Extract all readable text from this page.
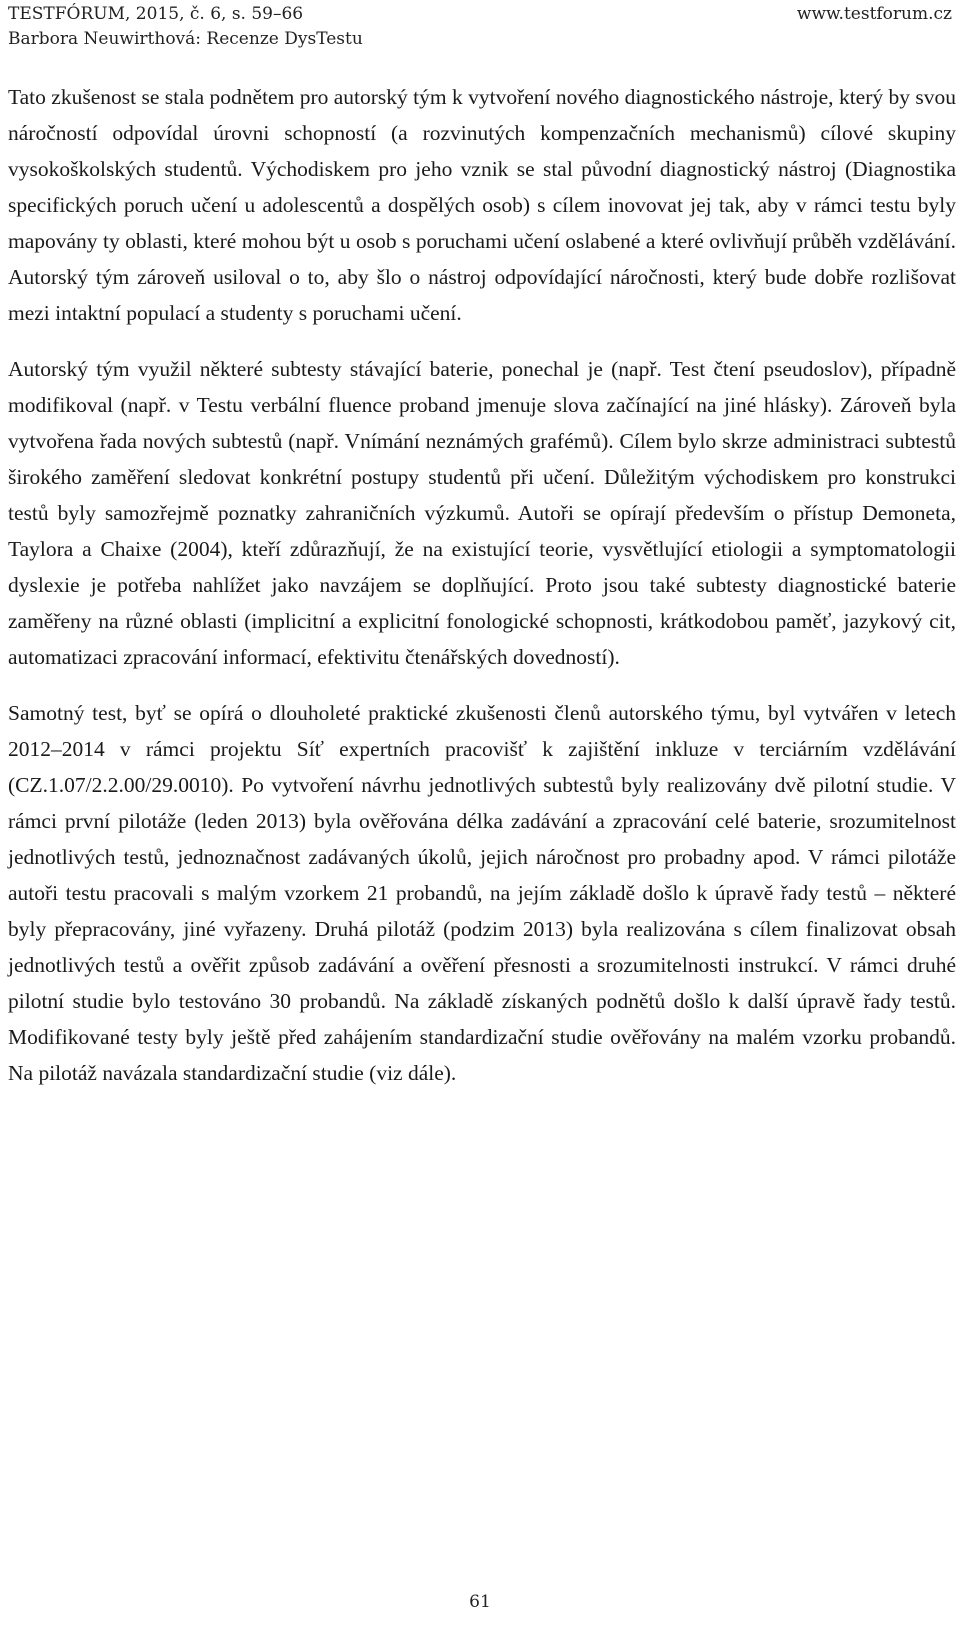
TESTFÓRUM, 2015, č. 6, s. 59–66	www.testforum.cz
Barbora Neuwirthová: Recenze DysTestu

Tato zkušenost se stala podnětem pro autorský tým k vytvoření nového diagnostického nástroje, který by svou náročností odpovídal úrovni schopností (a rozvinutých kompenzačních mechanismů) cílové skupiny vysokoškolských studentů. Východiskem pro jeho vznik se stal původní diagnostický nástroj (Diagnostika specifických poruch učení u adolescentů a dospělých osob) s cílem inovovat jej tak, aby v rámci testu byly mapovány ty oblasti, které mohou být u osob s poruchami učení oslabené a které ovlivňují průběh vzdělávání. Autorský tým zároveň usiloval o to, aby šlo o nástroj odpovídající náročnosti, který bude dobře rozlišovat mezi intaktní populací a studenty s poruchami učení.

Autorský tým využil některé subtesty stávající baterie, ponechal je (např. Test čtení pseudoslov), případně modifikoval (např. v Testu verbální fluence proband jmenuje slova začínající na jiné hlásky). Zároveň byla vytvořena řada nových subtestů (např. Vnímání neznámých grafémů). Cílem bylo skrze administraci subtestů širokého zaměření sledovat konkrétní postupy studentů při učení. Důležitým východiskem pro konstrukci testů byly samozřejmě poznatky zahraničních výzkumů. Autoři se opírají především o přístup Demoneta, Taylora a Chaixe (2004), kteří zdůrazňují, že na existující teorie, vysvětlující etiologii a symptomatologii dyslexie je potřeba nahlížet jako navzájem se doplňující. Proto jsou také subtesty diagnostické baterie zaměřeny na různé oblasti (implicitní a explicitní fonologické schopnosti, krátkodobou paměť, jazykový cit, automatizaci zpracování informací, efektivitu čtenářských dovedností).

Samotný test, byť se opírá o dlouholeté praktické zkušenosti členů autorského týmu, byl vytvářen v letech 2012–2014 v rámci projektu Síť expertních pracovišť k zajištění inkluze v terciárním vzdělávání (CZ.1.07/2.2.00/29.0010). Po vytvoření návrhu jednotlivých subtestů byly realizovány dvě pilotní studie. V rámci první pilotáže (leden 2013) byla ověřována délka zadávání a zpracování celé baterie, srozumitelnost jednotlivých testů, jednoznačnost zadávaných úkolů, jejich náročnost pro probadny apod. V rámci pilotáže autoři testu pracovali s malým vzorkem 21 probandů, na jejím základě došlo k úpravě řady testů – některé byly přepracovány, jiné vyřazeny. Druhá pilotáž (podzim 2013) byla realizována s cílem finalizovat obsah jednotlivých testů a ověřit způsob zadávání a ověření přesnosti a srozumitelnosti instrukcí. V rámci druhé pilotní studie bylo testováno 30 probandů. Na základě získaných podnětů došlo k další úpravě řady testů. Modifikované testy byly ještě před zahájením standardizační studie ověřovány na malém vzorku probandů. Na pilotáž navázala standardizační studie (viz dále).

61
